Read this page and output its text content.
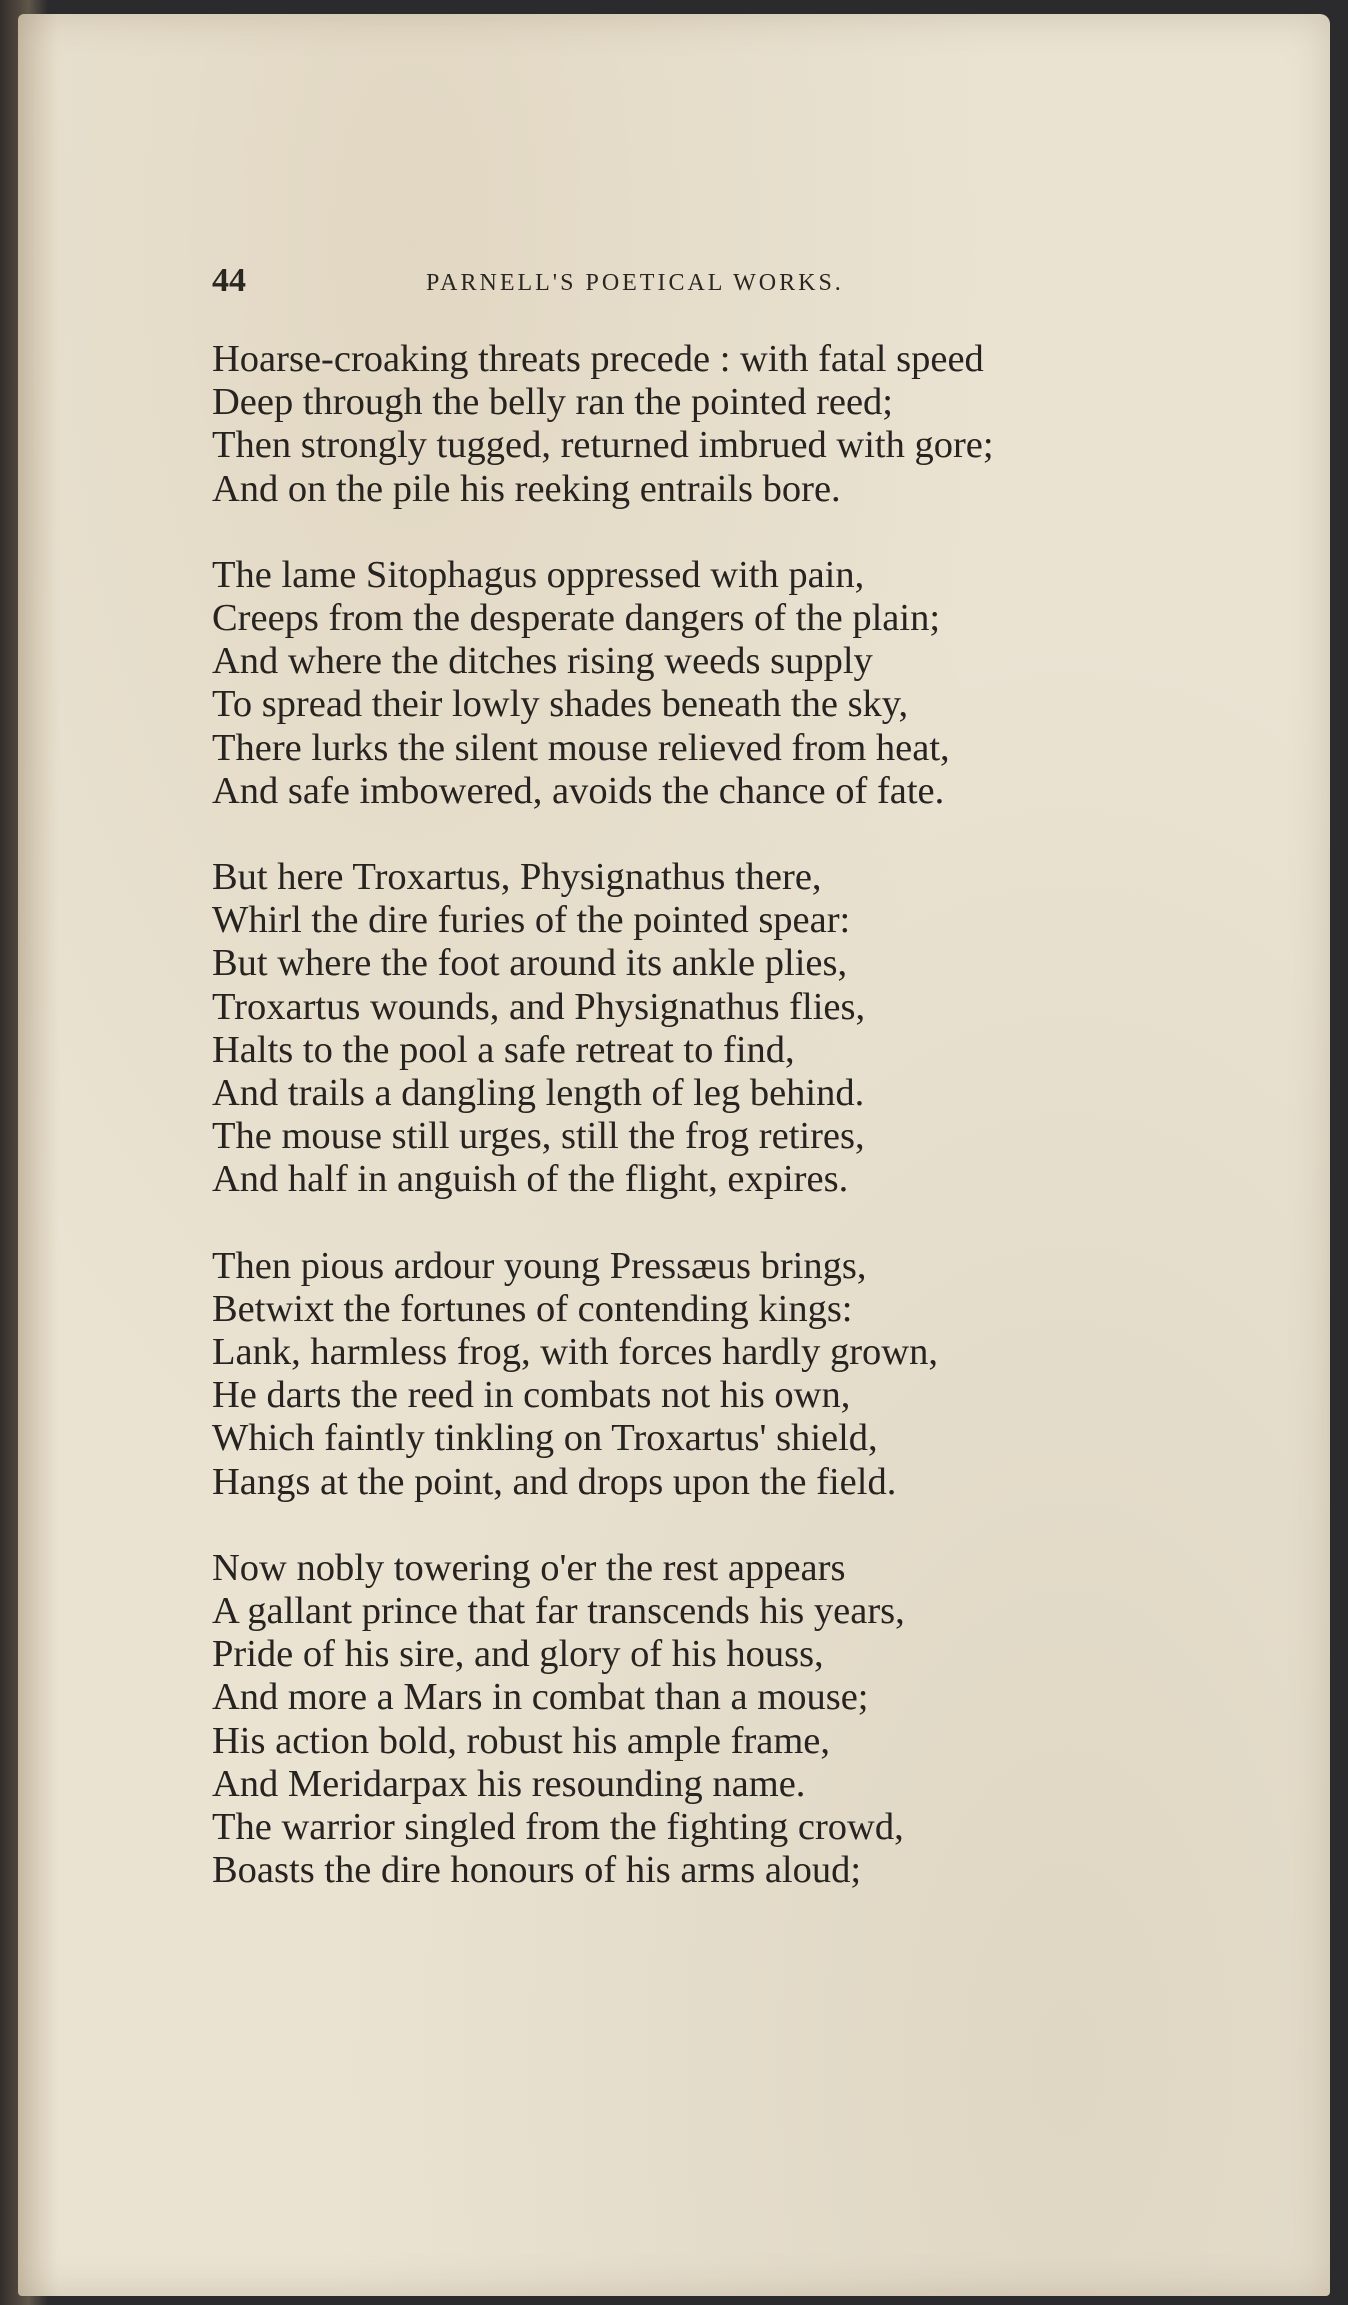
44	PARNELL'S POETICAL WORKS.
Hoarse-croaking threats precede : with fatal speed
Deep through the belly ran the pointed reed;
Then strongly tugged, returned imbrued with gore;
And on the pile his reeking entrails bore.
The lame Sitophagus oppressed with pain,
Creeps from the desperate dangers of the plain;
And where the ditches rising weeds supply
To spread their lowly shades beneath the sky,
There lurks the silent mouse relieved from heat,
And safe imbowered, avoids the chance of fate.
But here Troxartus, Physignathus there,
Whirl the dire furies of the pointed spear:
But where the foot around its ankle plies,
Troxartus wounds, and Physignathus flies,
Halts to the pool a safe retreat to find,
And trails a dangling length of leg behind.
The mouse still urges, still the frog retires,
And half in anguish of the flight, expires.
Then pious ardour young Pressæus brings,
Betwixt the fortunes of contending kings:
Lank, harmless frog, with forces hardly grown,
He darts the reed in combats not his own,
Which faintly tinkling on Troxartus' shield,
Hangs at the point, and drops upon the field.
Now nobly towering o'er the rest appears
A gallant prince that far transcends his years,
Pride of his sire, and glory of his houss,
And more a Mars in combat than a mouse;
His action bold, robust his ample frame,
And Meridarpax his resounding name.
The warrior singled from the fighting crowd,
Boasts the dire honours of his arms aloud;
